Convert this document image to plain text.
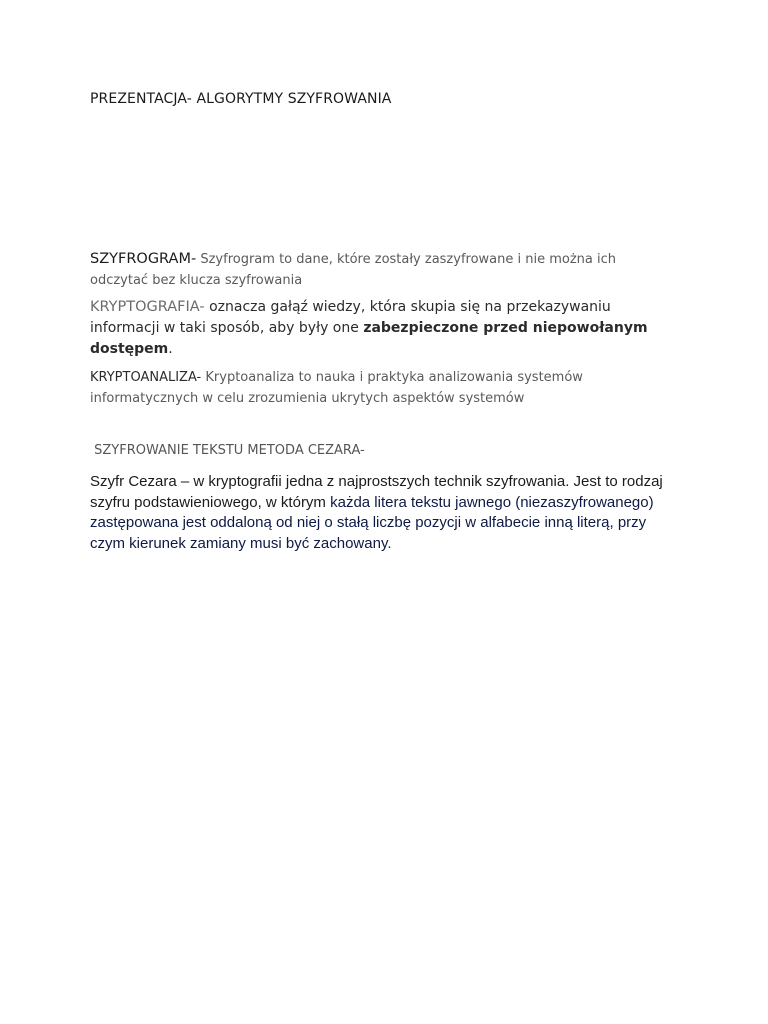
PREZENTACJA- ALGORYTMY SZYFROWANIA
SZYFROGRAM- Szyfrogram to dane, które zostały zaszyfrowane i nie można ich odczytać bez klucza szyfrowania
KRYPTOGRAFIA- oznacza gałąź wiedzy, która skupia się na przekazywaniu informacji w taki sposób, aby były one zabezpieczone przed niepowołanym dostępem.
KRYPTOANALIZA- Kryptoanaliza to nauka i praktyka analizowania systemów informatycznych w celu zrozumienia ukrytych aspektów systemów
SZYFROWANIE TEKSTU METODA CEZARA-
Szyfr Cezara – w kryptografii jedna z najprostszych technik szyfrowania. Jest to rodzaj szyfru podstawieniowego, w którym każda litera tekstu jawnego (niezaszyfrowanego) zastępowana jest oddaloną od niej o stałą liczbę pozycji w alfabecie inną literą, przy czym kierunek zamiany musi być zachowany.
